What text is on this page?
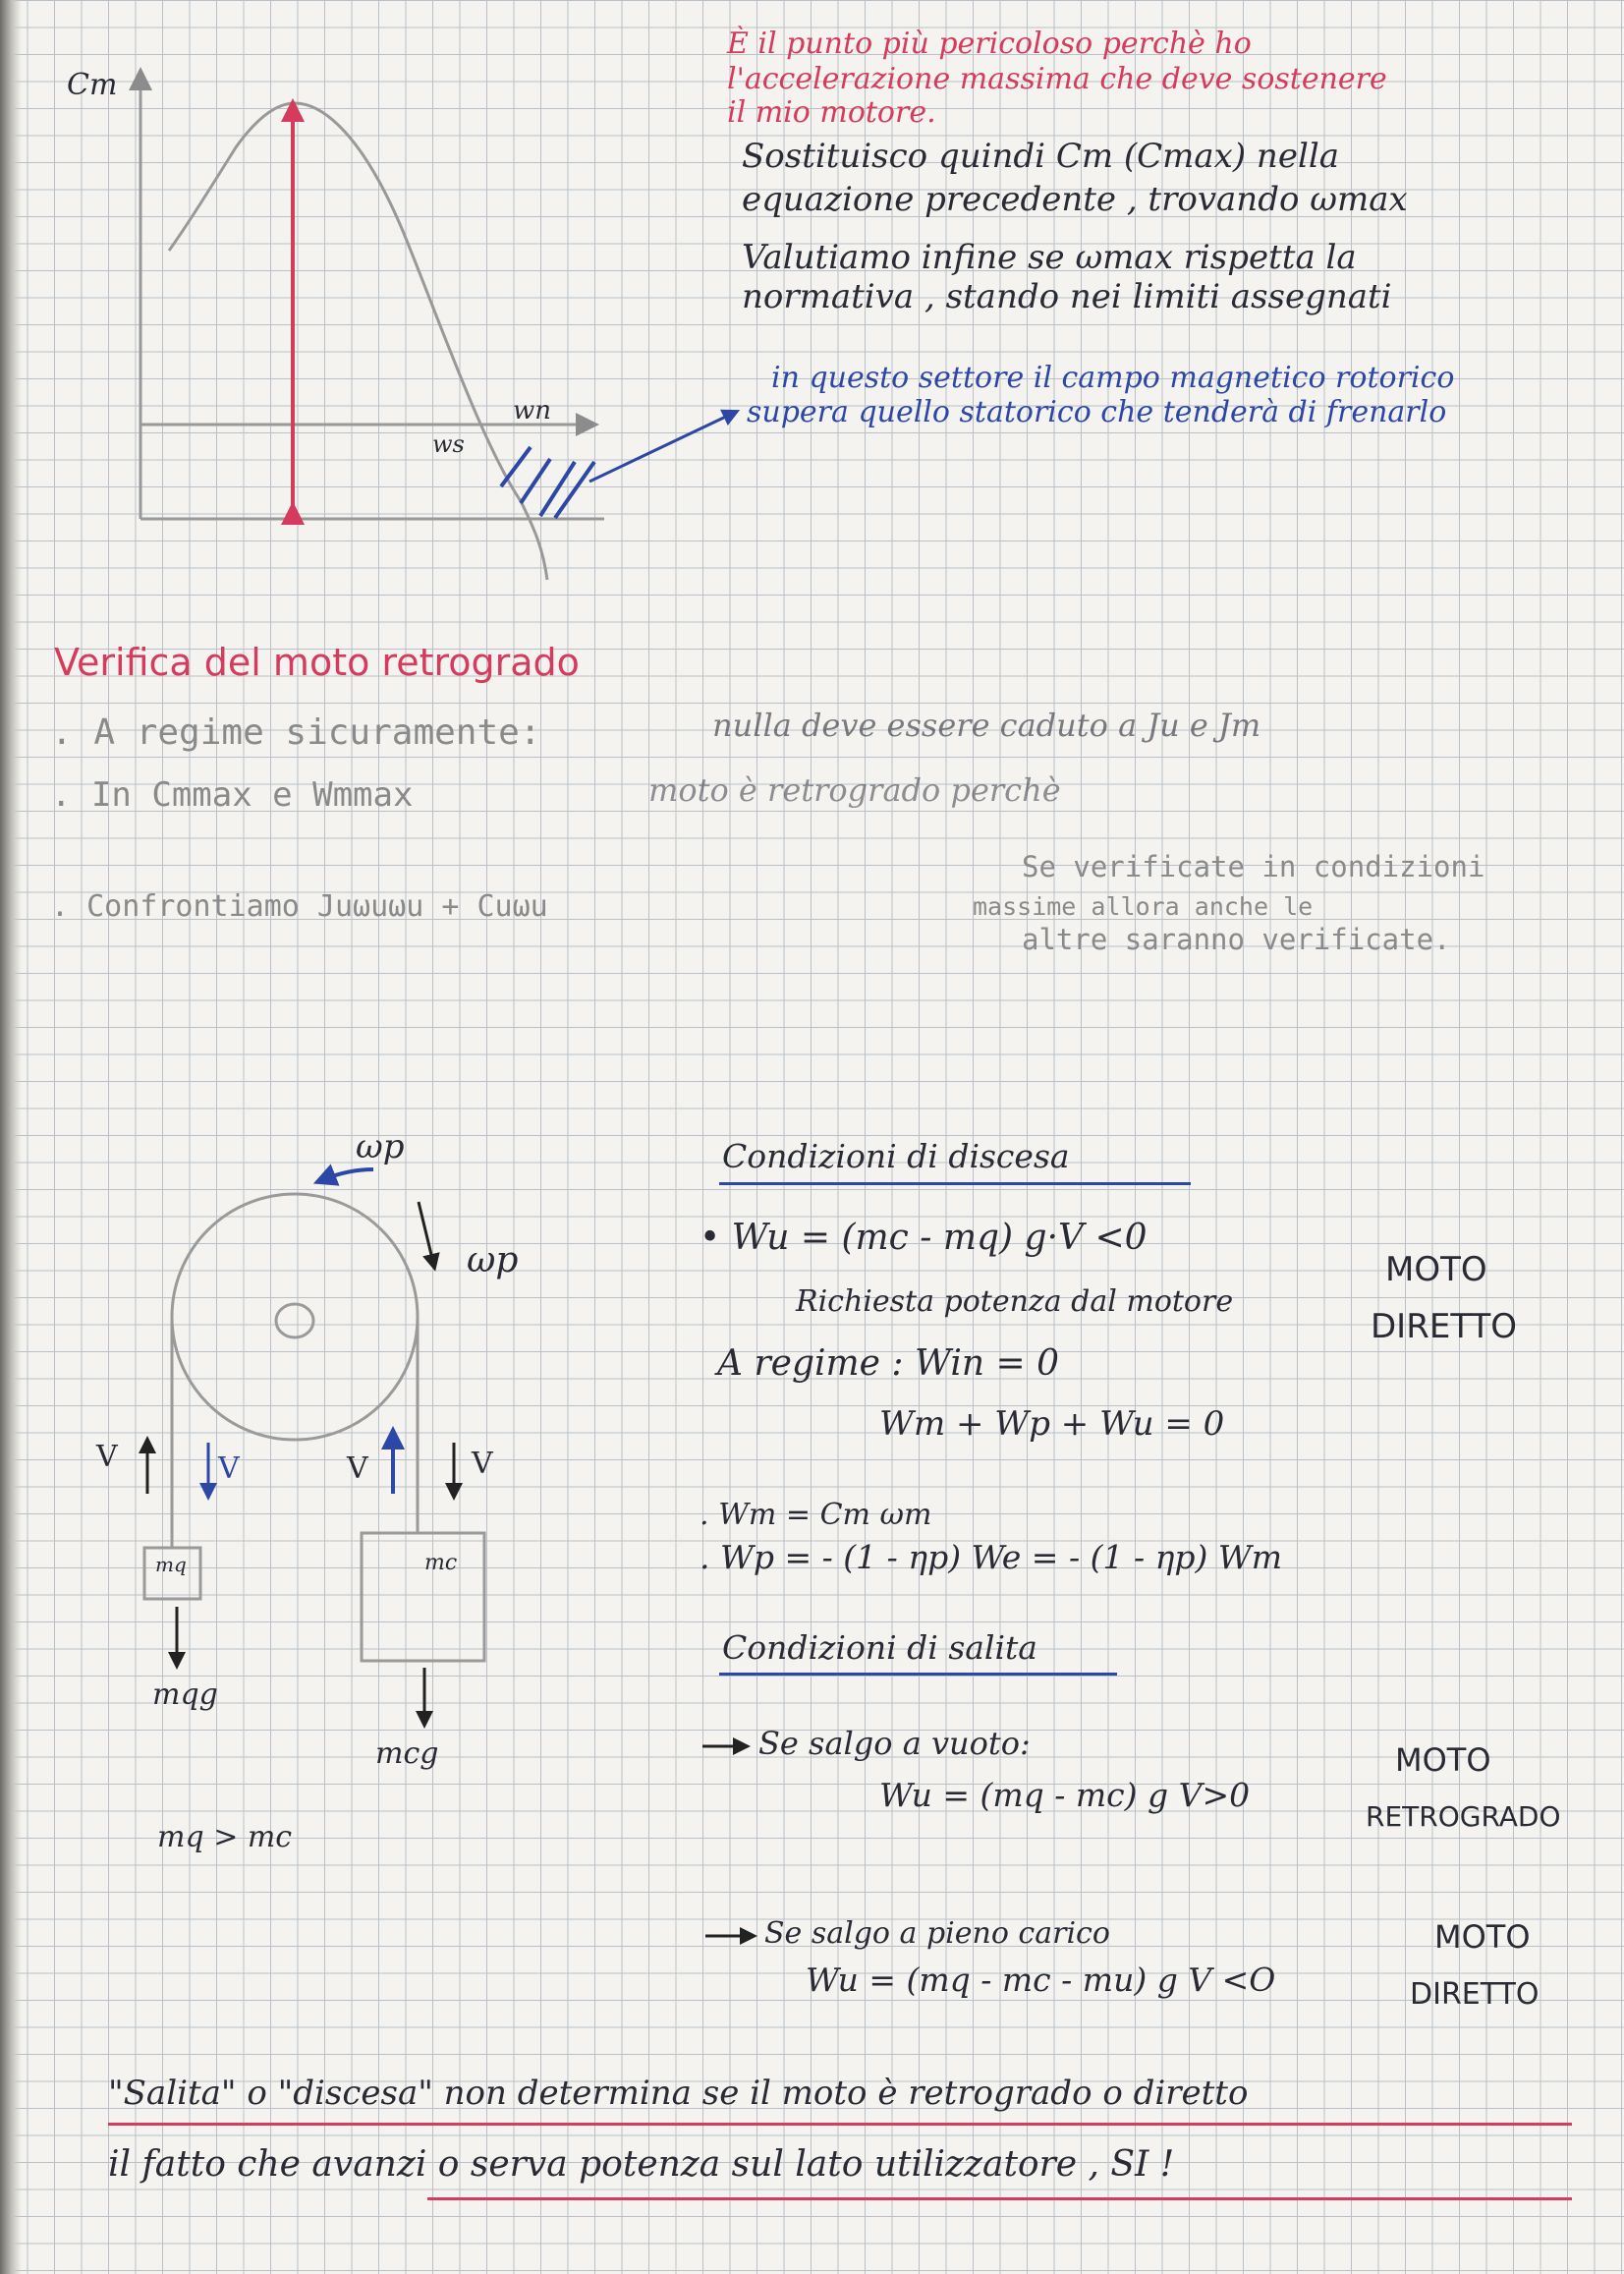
Cm
wn
ws
È il punto più pericoloso perchè ho
l'accelerazione massima che deve sostenere
il mio motore.
Sostituisco quindi Cm (Cmax) nella
equazione precedente , trovando ωmax
Valutiamo infine se ωmax rispetta la
normativa , stando nei limiti assegnati
in questo settore il campo magnetico rotorico
supera quello statorico che tenderà di frenarlo
Verifica del moto retrogrado
. A regime sicuramente:	nulla deve essere caduto a Ju e Jm
. In Cmmax e Wmmax	moto è retrogrado perchè
. Confrontiamo Juωuωu + Cuωu
Se verificate in condizioni
massime allora anche le
altre saranno verificate.
ωp
ωp
V	V	V	V
mq	mc
mqg
mcg
mq > mc
Condizioni di discesa
• Wu = (mc - mq) g·V <0
Richiesta potenza dal motore
A regime : Win = 0
Wm + Wp + Wu = 0
. Wm = Cm ωm
. Wp = - (1 - ηp) We = - (1 - ηp) Wm
MOTO
DIRETTO
Condizioni di salita
Se salgo a vuoto:
Wu = (mq - mc) g V>0
MOTO
RETROGRADO
Se salgo a pieno carico
Wu = (mq - mc - mu) g V <O
MOTO
DIRETTO
"Salita" o "discesa" non determina se il moto è retrogrado o diretto
il fatto che avanzi o serva potenza sul lato utilizzatore , SI !
